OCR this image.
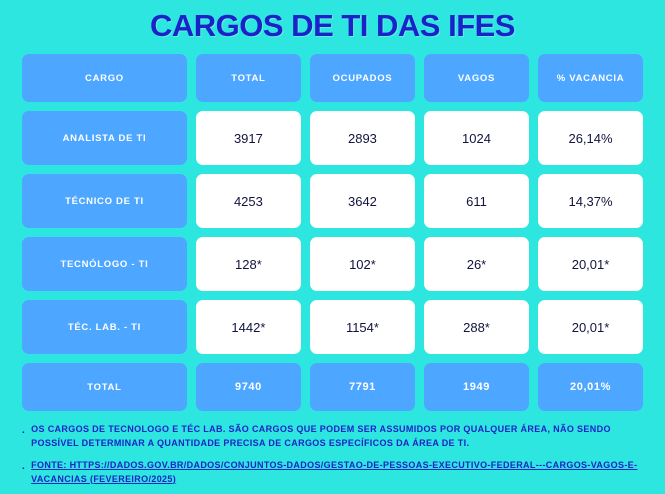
CARGOS DE TI DAS IFES
CARGO	TOTAL	OCUPADOS	VAGOS	% VACANCIA
ANALISTA DE TI	3917	2893	1024	26,14%
TÉCNICO DE TI	4253	3642	611	14,37%
TECNÓLOGO - TI	128*	102*	26*	20,01*
TÉC. LAB. - TI	1442*	1154*	288*	20,01*
TOTAL	9740	7791	1949	20,01%
. OS CARGOS DE TECNOLOGO E TÉC LAB. SÃO CARGOS QUE PODEM SER ASSUMIDOS POR QUALQUER ÁREA, NÃO SENDO POSSÍVEL DETERMINAR A QUANTIDADE PRECISA DE CARGOS ESPECÍFICOS DA ÁREA DE TI.
. FONTE: HTTPS://DADOS.GOV.BR/DADOS/CONJUNTOS-DADOS/GESTAO-DE-PESSOAS-EXECUTIVO-FEDERAL---CARGOS-VAGOS-E-VACANCIAS (FEVEREIRO/2025)
